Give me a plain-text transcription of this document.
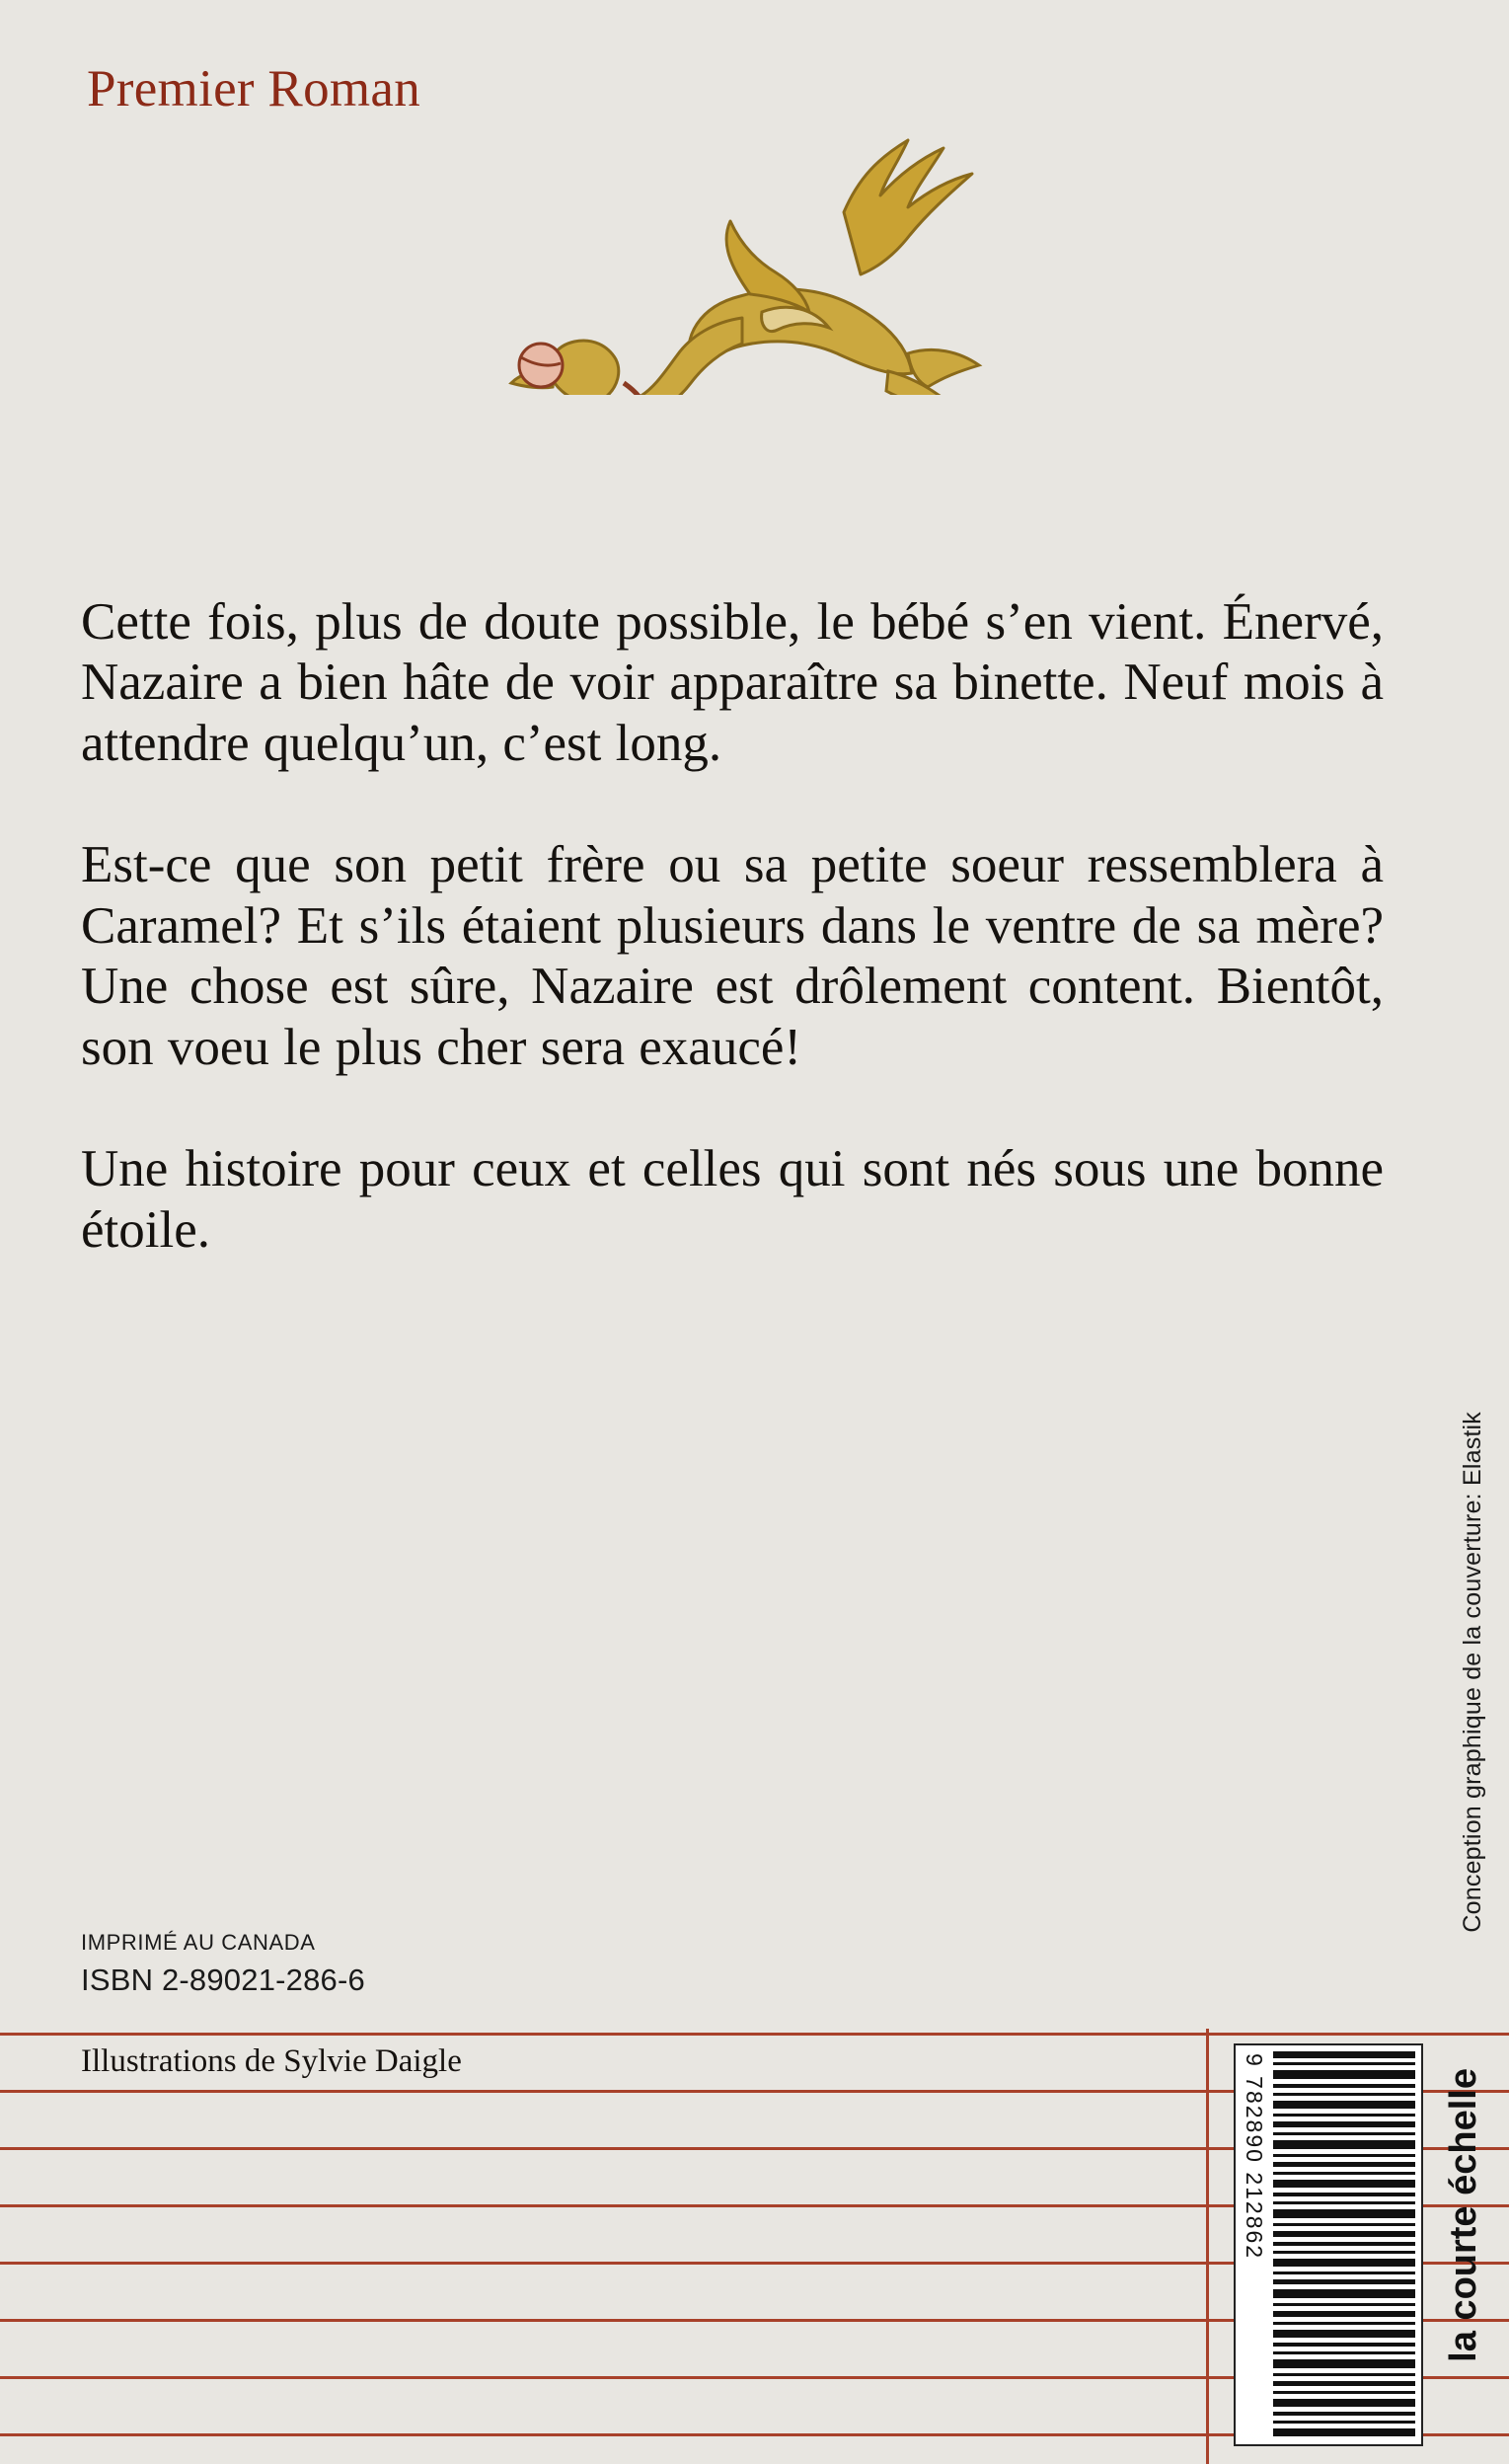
Premier Roman

Cette fois, plus de doute possible, le bébé s’en vient. Énervé, Nazaire a bien hâte de voir apparaître sa binette. Neuf mois à attendre quelqu’un, c’est long.

Est-ce que son petit frère ou sa petite soeur ressemblera à Caramel? Et s’ils étaient plusieurs dans le ventre de sa mère? Une chose est sûre, Nazaire est drôlement content. Bientôt, son voeu le plus cher sera exaucé!

Une histoire pour ceux et celles qui sont nés sous une bonne étoile.

IMPRIMÉ AU CANADA
ISBN 2-89021-286-6
Conception graphique de la couverture: Elastik
Illustrations de Sylvie Daigle	9 782890 212862	la courte échelle
